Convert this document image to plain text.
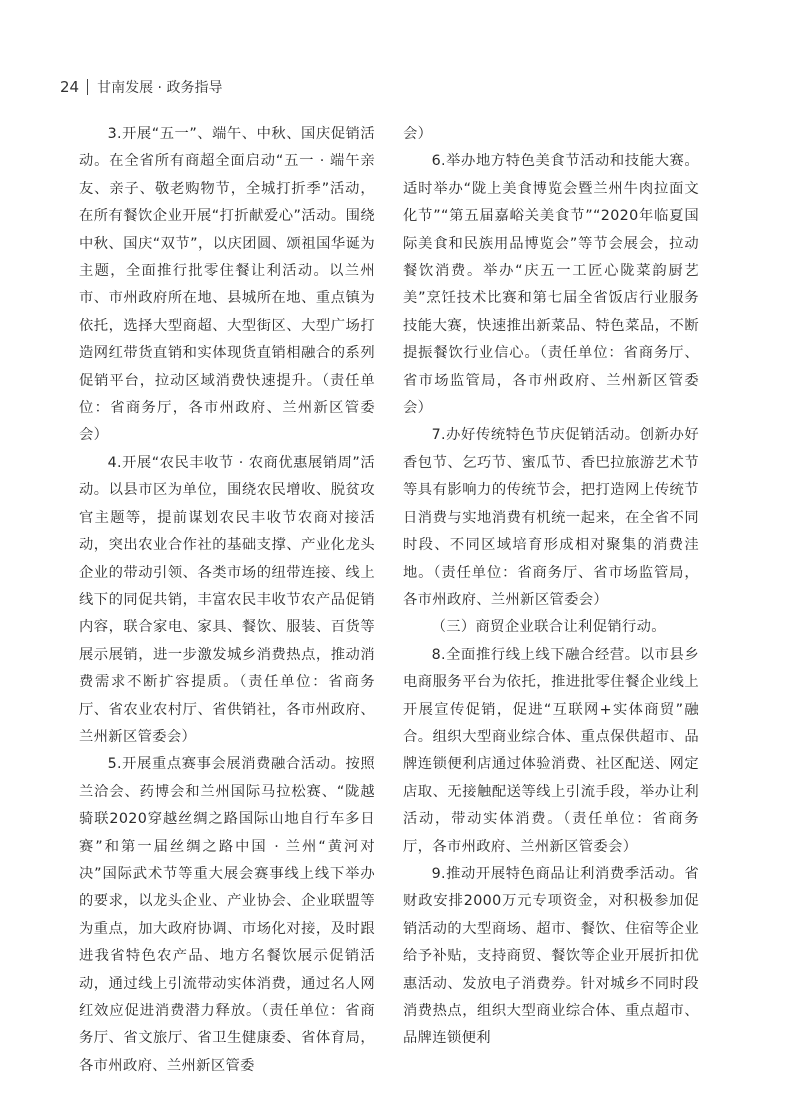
24 甘南发展 · 政务指导

3.开展“五一”、端午、中秋、国庆促销活动。在全省所有商超全面启动“五一 · 端午亲友、亲子、敬老购物节，全城打折季”活动，在所有餐饮企业开展“打折献爱心”活动。围绕中秋、国庆“双节”，以庆团圆、颂祖国华诞为主题，全面推行批零住餐让利活动。以兰州市、市州政府所在地、县城所在地、重点镇为依托，选择大型商超、大型街区、大型广场打造网红带货直销和实体现货直销相融合的系列促销平台，拉动区域消费快速提升。（责任单位：省商务厅，各市州政府、兰州新区管委会）

4.开展“农民丰收节 · 农商优惠展销周”活动。以县市区为单位，围绕农民增收、脱贫攻官主题等，提前谋划农民丰收节农商对接活动，突出农业合作社的基础支撑、产业化龙头企业的带动引领、各类市场的纽带连接、线上线下的同促共销，丰富农民丰收节农产品促销内容，联合家电、家具、餐饮、服装、百货等展示展销，进一步激发城乡消费热点，推动消费需求不断扩容提质。（责任单位：省商务厅、省农业农村厅、省供销社，各市州政府、兰州新区管委会）

5.开展重点赛事会展消费融合活动。按照兰洽会、药博会和兰州国际马拉松赛、“陇越骑联2020穿越丝绸之路国际山地自行车多日赛”和第一届丝绸之路中国 · 兰州“黄河对决”国际武术节等重大展会赛事线上线下举办的要求，以龙头企业、产业协会、企业联盟等为重点，加大政府协调、市场化对接，及时跟进我省特色农产品、地方名餐饮展示促销活动，通过线上引流带动实体消费，通过名人网红效应促进消费潜力释放。（责任单位：省商务厅、省文旅厅、省卫生健康委、省体育局，各市州政府、兰州新区管委

会）

6.举办地方特色美食节活动和技能大赛。适时举办“陇上美食博览会暨兰州牛肉拉面文化节”“第五届嘉峪关美食节”“2020年临夏国际美食和民族用品博览会”等节会展会，拉动餐饮消费。举办“庆五一工匠心陇菜韵厨艺美”烹饪技术比赛和第七届全省饭店行业服务技能大赛，快速推出新菜品、特色菜品，不断提振餐饮行业信心。（责任单位：省商务厅、省市场监管局，各市州政府、兰州新区管委会）

7.办好传统特色节庆促销活动。创新办好香包节、乞巧节、蜜瓜节、香巴拉旅游艺术节等具有影响力的传统节会，把打造网上传统节日消费与实地消费有机统一起来，在全省不同时段、不同区域培育形成相对聚集的消费洼地。（责任单位：省商务厅、省市场监管局，各市州政府、兰州新区管委会）

（三）商贸企业联合让利促销行动。

8.全面推行线上线下融合经营。以市县乡电商服务平台为依托，推进批零住餐企业线上开展宣传促销，促进“互联网+实体商贸”融合。组织大型商业综合体、重点保供超市、品牌连锁便利店通过体验消费、社区配送、网定店取、无接触配送等线上引流手段，举办让利活动，带动实体消费。（责任单位：省商务厅，各市州政府、兰州新区管委会）

9.推动开展特色商品让利消费季活动。省财政安排2000万元专项资金，对积极参加促销活动的大型商场、超市、餐饮、住宿等企业给予补贴，支持商贸、餐饮等企业开展折扣优惠活动、发放电子消费券。针对城乡不同时段消费热点，组织大型商业综合体、重点超市、品牌连锁便利
